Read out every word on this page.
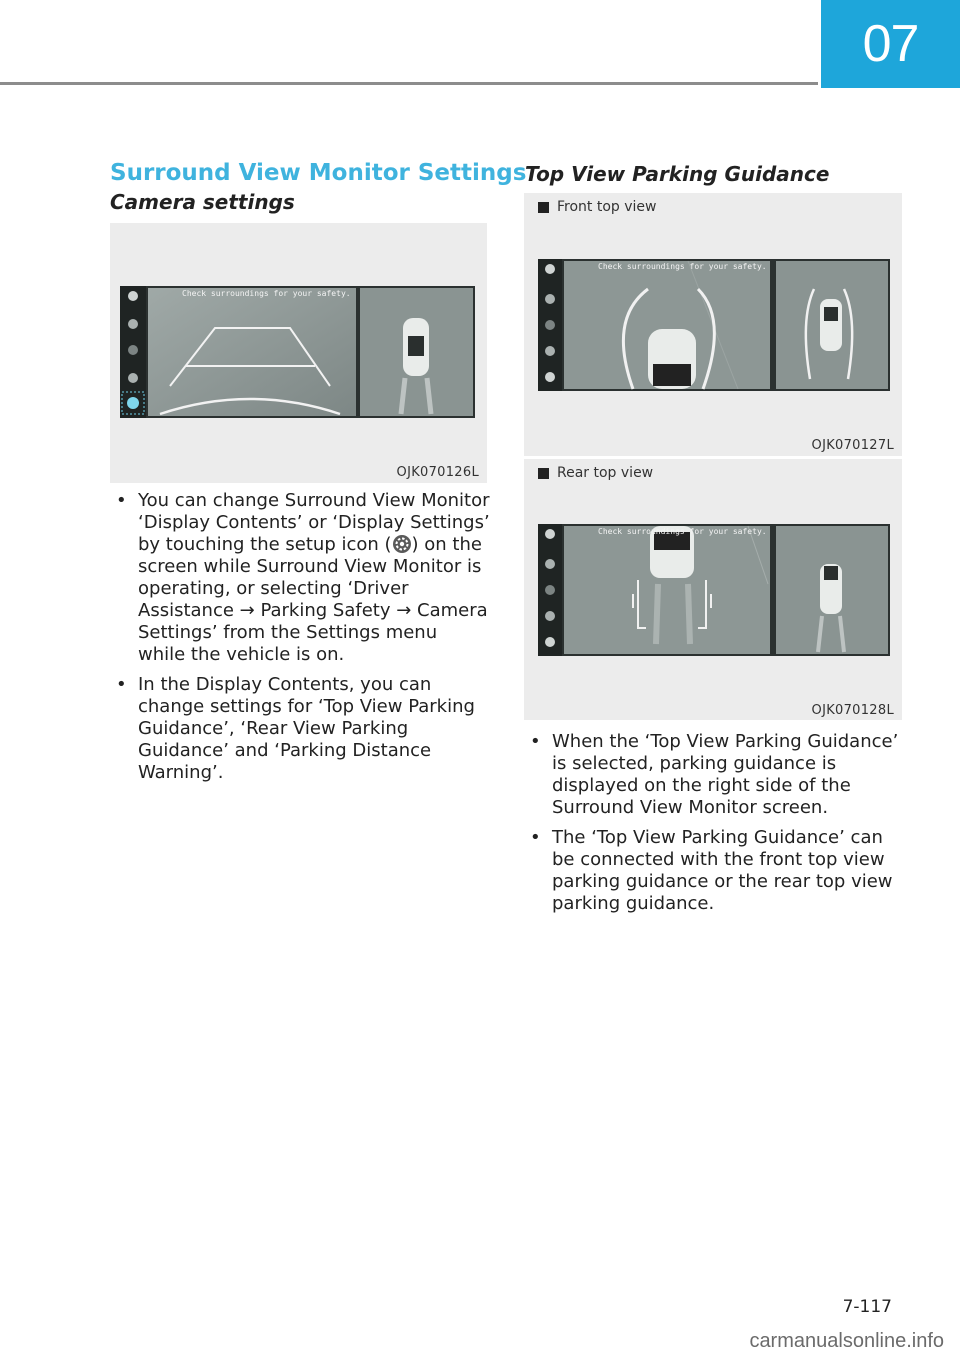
07
Surround View Monitor Settings
Camera settings
Check surroundings for your safety.
OJK070126L
• You can change Surround View Monitor ‘Display Contents’ or ‘Display Settings’ by touching the setup icon ( ) on the screen while Surround View Monitor is operating, or selecting ‘Driver Assistance → Parking Safety → Camera Settings’ from the Settings menu while the vehicle is on.
• In the Display Contents, you can change settings for ‘Top View Parking Guidance’, ‘Rear View Parking Guidance’ and ‘Parking Distance Warning’.
Top View Parking Guidance
Front top view
Check surroundings for your safety.
OJK070127L
Rear top view
Check surroundings for your safety.
OJK070128L
• When the ‘Top View Parking Guidance’ is selected, parking guidance is displayed on the right side of the Surround View Monitor screen.
• The ‘Top View Parking Guidance’ can be connected with the front top view parking guidance or the rear top view parking guidance.
7-117
carmanualsonline.info
